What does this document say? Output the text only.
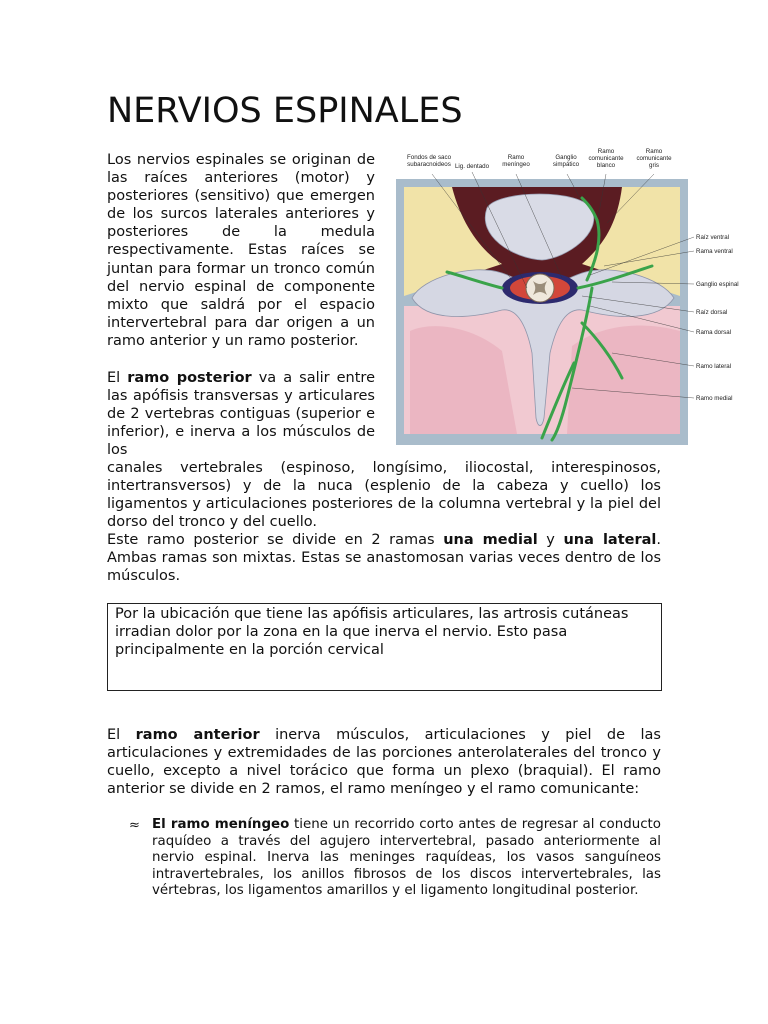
NERVIOS ESPINALES

Los nervios espinales se originan de las raíces anteriores (motor) y posteriores (sensitivo) que emergen de los surcos laterales anteriores y posteriores de la medula respectivamente. Estas raíces se juntan para formar un tronco común del nervio espinal de componente mixto que saldrá por el espacio intervertebral para dar origen a un ramo anterior y un ramo posterior.

El ramo posterior va a salir entre las apófisis transversas y articulares de 2 vertebras contiguas (superior e inferior), e inerva a los músculos de los

canales vertebrales (espinoso, longísimo, iliocostal, interespinosos, intertransversos) y de la nuca (esplenio de la cabeza y cuello) los ligamentos y articulaciones posteriores de la columna vertebral y la piel del dorso del tronco y del cuello.

Este ramo posterior se divide en 2 ramas una medial y una lateral. Ambas ramas son mixtas. Estas se anastomosan varias veces dentro de los músculos.

Por la ubicación que tiene las apófisis articulares, las artrosis cutáneas irradian dolor por la zona en la que inerva el nervio. Esto pasa principalmente en la porción cervical

El ramo anterior inerva músculos, articulaciones y piel de las articulaciones y extremidades de las porciones anterolaterales del tronco y cuello, excepto a nivel torácico que forma un plexo (braquial). El ramo anterior se divide en 2 ramos, el ramo meníngeo y el ramo comunicante:

≈ El ramo meníngeo tiene un recorrido corto antes de regresar al conducto raquídeo a través del agujero intervertebral, pasado anteriormente al nervio espinal. Inerva las meninges raquídeas, los vasos sanguíneos intravertebrales, los anillos fibrosos de los discos intervertebrales, las vértebras, los ligamentos amarillos y el ligamento longitudinal posterior.

Fondos de saco
subaracnoideos Lig. dentado
Ramo
meníngeo
Ganglio
simpático
Ramo
comunicante
blanco
Ramo
comunicante
gris
Raíz ventral
Rama ventral
Ganglio espinal
Raíz dorsal
Rama dorsal
Ramo lateral
Ramo medial
